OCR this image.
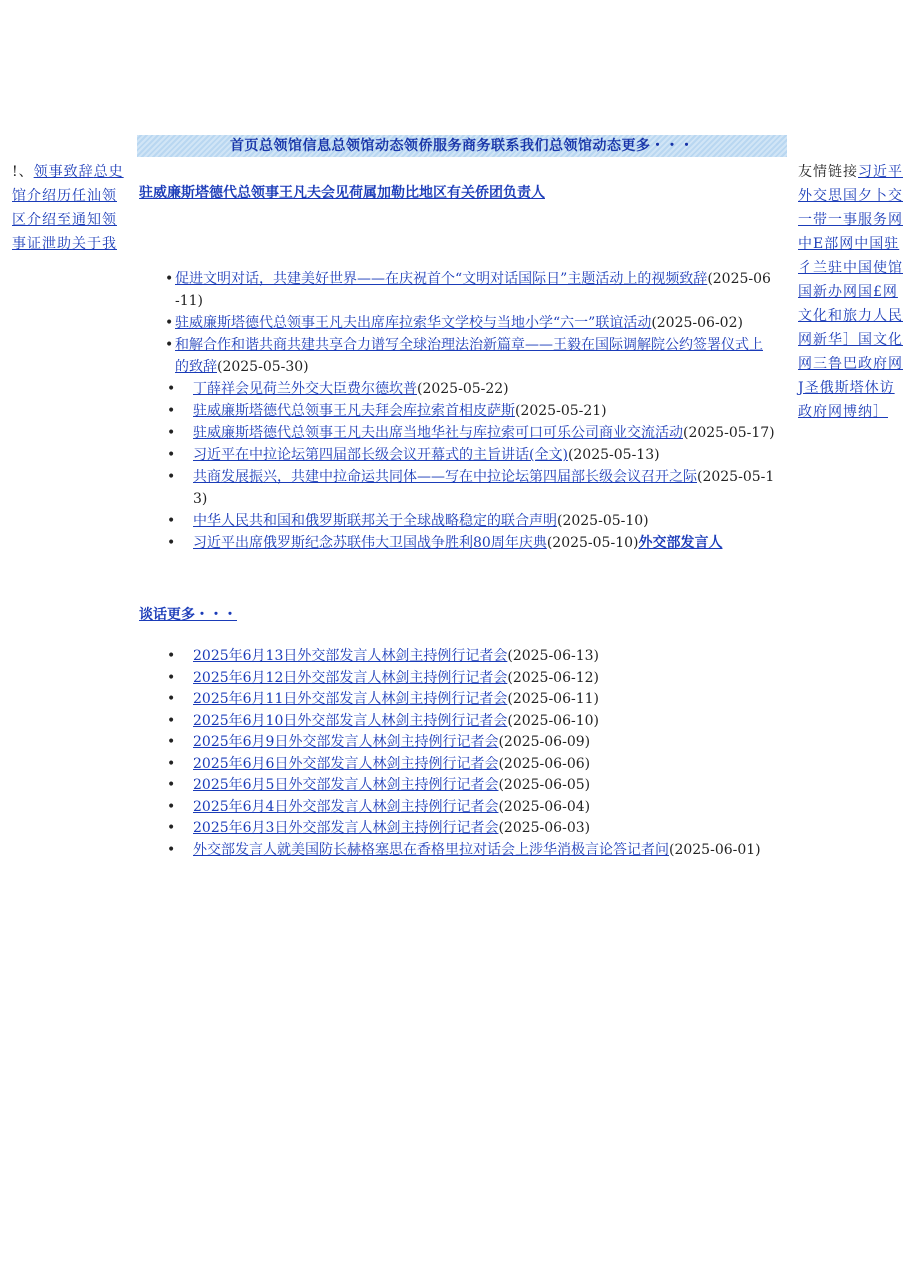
首页总领馆信息总领馆动态领侨服务商务联系我们总领馆动态更多・・・
!、领事致辞总史馆介绍历任汕领区介绍至通知领事证泄助关于我
友情链接习近平外交思国夕卜交一带一事服务网中E部网中国驻彳兰驻中国使馆国新办网国£网文化和旅力人民网新华］国文化网三鲁巴政府网J圣俄斯塔休访政府网博纳］
驻威廉斯塔德代总领事王凡夫会见荷属加勒比地区有关侨团负责人
• 促进文明对话，共建美好世界——在庆祝首个“文明对话国际日”主题活动上的视频致辞(2025-06-11)
• 驻威廉斯塔德代总领事王凡夫出席库拉索华文学校与当地小学“六一”联谊活动(2025-06-02)
• 和解合作和谐共商共建共享合力谱写全球治理法治新篇章——王毅在国际调解院公约签署仪式上的致辞(2025-05-30)
• 丁薛祥会见荷兰外交大臣费尔德坎普(2025-05-22)
• 驻威廉斯塔德代总领事王凡夫拜会库拉索首相皮萨斯(2025-05-21)
• 驻威廉斯塔德代总领事王凡夫出席当地华社与库拉索可口可乐公司商业交流活动(2025-05-17)
• 习近平在中拉论坛第四届部长级会议开幕式的主旨讲话(全文)(2025-05-13)
• 共商发展振兴，共建中拉命运共同体——写在中拉论坛第四届部长级会议召开之际(2025-05-13)
• 中华人民共和国和俄罗斯联邦关于全球战略稳定的联合声明(2025-05-10)
• 习近平出席俄罗斯纪念苏联伟大卫国战争胜利80周年庆典(2025-05-10)外交部发言人
谈话更多・・・
• 2025年6月13日外交部发言人林剑主持例行记者会(2025-06-13)
• 2025年6月12日外交部发言人林剑主持例行记者会(2025-06-12)
• 2025年6月11日外交部发言人林剑主持例行记者会(2025-06-11)
• 2025年6月10日外交部发言人林剑主持例行记者会(2025-06-10)
• 2025年6月9日外交部发言人林剑主持例行记者会(2025-06-09)
• 2025年6月6日外交部发言人林剑主持例行记者会(2025-06-06)
• 2025年6月5日外交部发言人林剑主持例行记者会(2025-06-05)
• 2025年6月4日外交部发言人林剑主持例行记者会(2025-06-04)
• 2025年6月3日外交部发言人林剑主持例行记者会(2025-06-03)
• 外交部发言人就美国防长赫格塞思在香格里拉对话会上涉华消极言论答记者问(2025-06-01)
